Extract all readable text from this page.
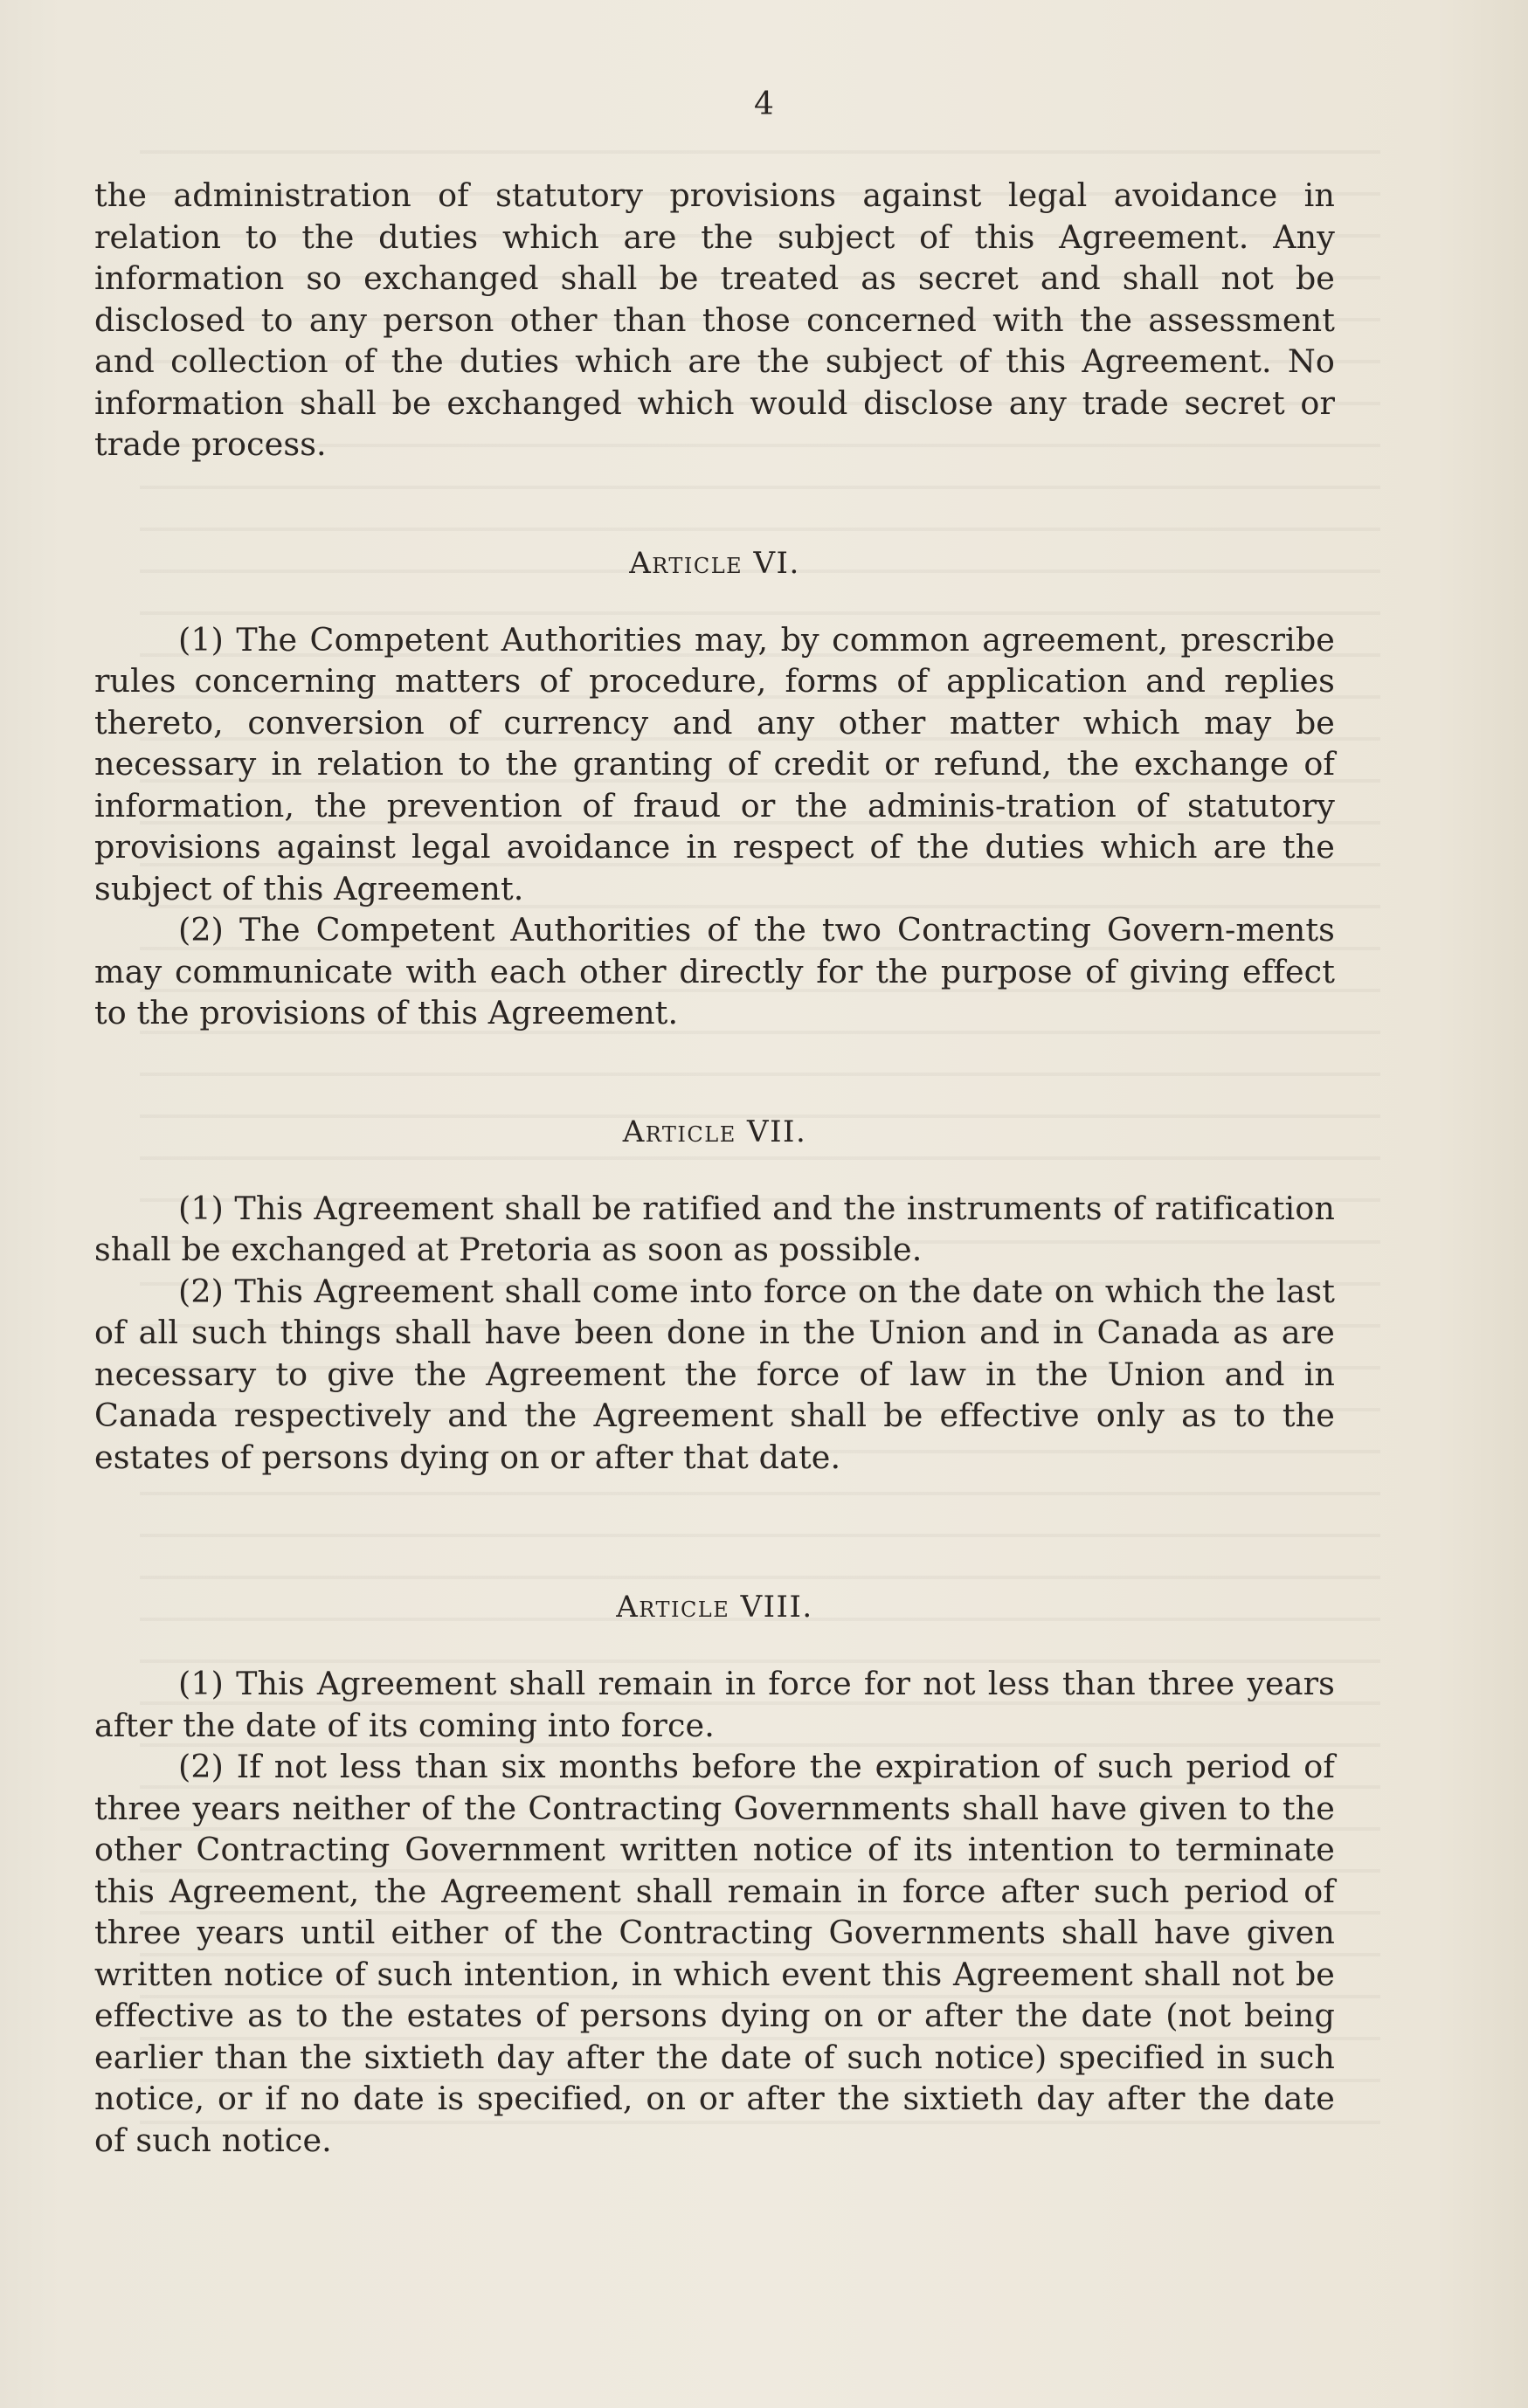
4

the administration of statutory provisions against legal avoidance in relation to the duties which are the subject of this Agreement. Any information so exchanged shall be treated as secret and shall not be disclosed to any person other than those concerned with the assessment and collection of the duties which are the subject of this Agreement. No information shall be exchanged which would disclose any trade secret or trade process.

Article VI.

(1) The Competent Authorities may, by common agreement, prescribe rules concerning matters of procedure, forms of application and replies thereto, conversion of currency and any other matter which may be necessary in relation to the granting of credit or refund, the exchange of information, the prevention of fraud or the adminis-tration of statutory provisions against legal avoidance in respect of the duties which are the subject of this Agreement.

(2) The Competent Authorities of the two Contracting Govern-ments may communicate with each other directly for the purpose of giving effect to the provisions of this Agreement.

Article VII.

(1) This Agreement shall be ratified and the instruments of ratification shall be exchanged at Pretoria as soon as possible.

(2) This Agreement shall come into force on the date on which the last of all such things shall have been done in the Union and in Canada as are necessary to give the Agreement the force of law in the Union and in Canada respectively and the Agreement shall be effective only as to the estates of persons dying on or after that date.

Article VIII.

(1) This Agreement shall remain in force for not less than three years after the date of its coming into force.

(2) If not less than six months before the expiration of such period of three years neither of the Contracting Governments shall have given to the other Contracting Government written notice of its intention to terminate this Agreement, the Agreement shall remain in force after such period of three years until either of the Contracting Governments shall have given written notice of such intention, in which event this Agreement shall not be effective as to the estates of persons dying on or after the date (not being earlier than the sixtieth day after the date of such notice) specified in such notice, or if no date is specified, on or after the sixtieth day after the date of such notice.
